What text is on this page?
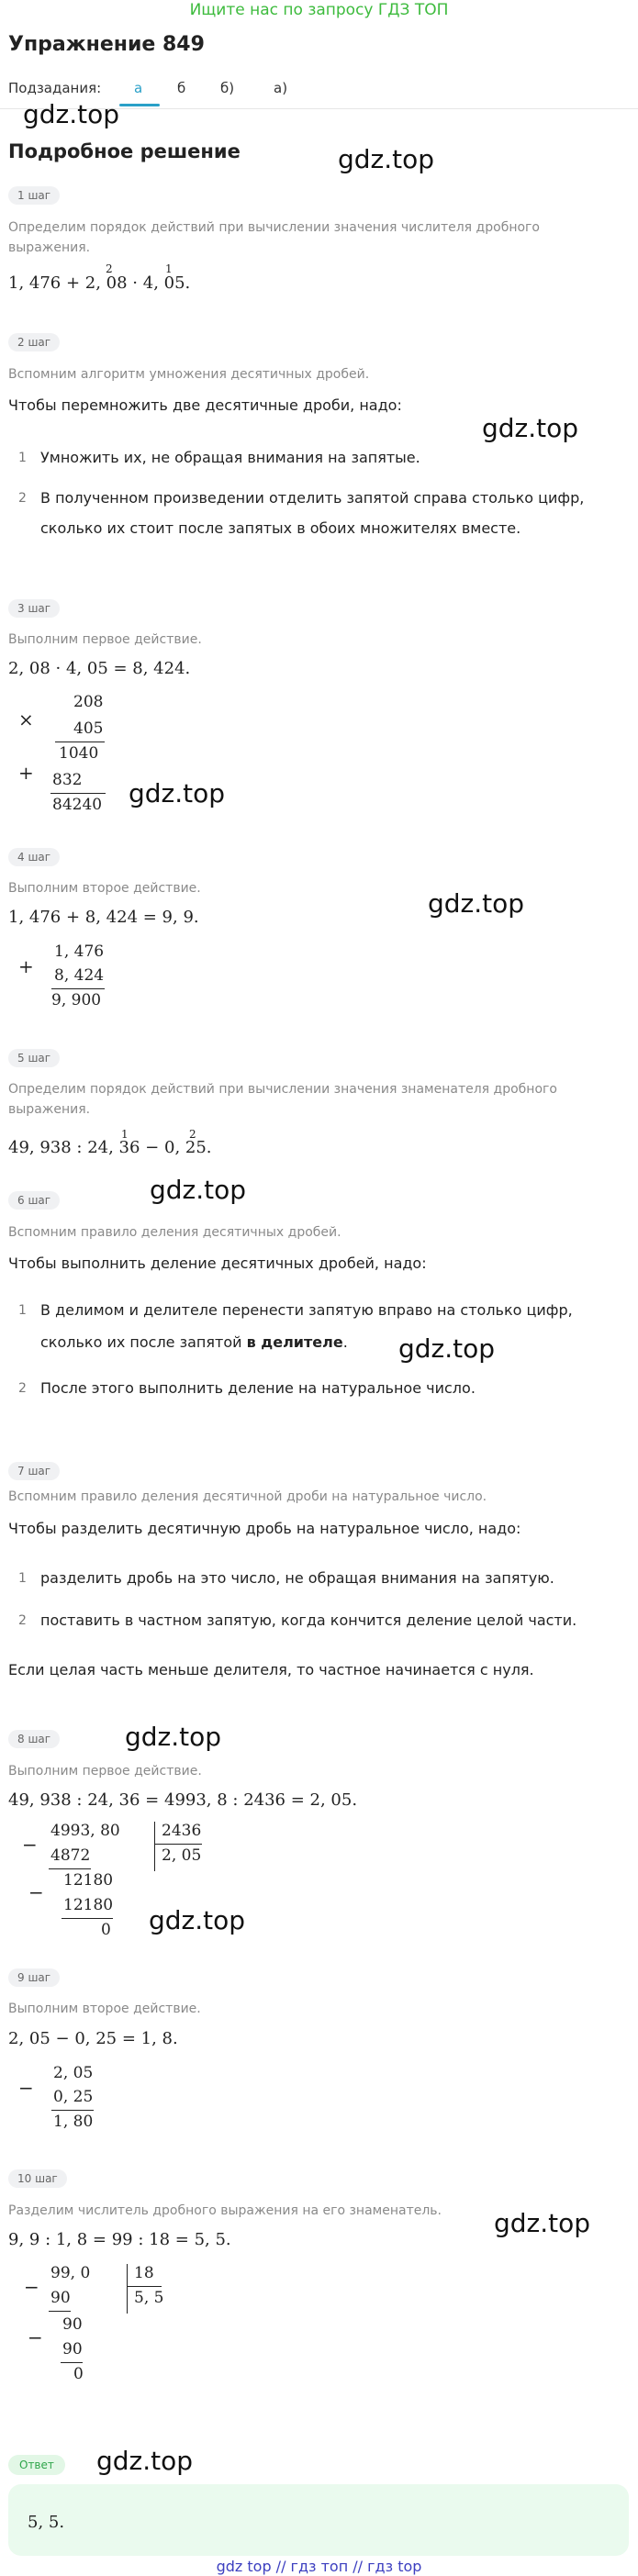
Ищите нас по запросу ГДЗ ТОП
Упражнение 849
Подзадания: а	б	б)	а)
Подробное решение
gdz.top
gdz.top
gdz.top
gdz.top
gdz.top
gdz.top
gdz.top
gdz.top
gdz.top
gdz.top
gdz.top
1 шаг
Определим порядок действий при вычислении значения числителя дробного выражения.
2	1
1, 476 + 2, 08 · 4, 05.
2 шаг
Вспомним алгоритм умножения десятичных дробей.
Чтобы перемножить две десятичные дроби, надо:
1 Умножить их, не обращая внимания на запятые.
2 В полученном произведении отделить запятой справа столько цифр,
сколько их стоит после запятых в обоих множителях вместе.
3 шаг
Выполним первое действие.
2, 08 · 4, 05 = 8, 424.
×
208
405
1040
+ 832
84240
4 шаг
Выполним второе действие.
1, 476 + 8, 424 = 9, 9.
1, 476
+ 8, 424
9, 900
5 шаг
Определим порядок действий при вычислении значения знаменателя дробного выражения.
1	2
49, 938 : 24, 36 − 0, 25.
6 шаг
Вспомним правило деления десятичных дробей.
Чтобы выполнить деление десятичных дробей, надо:
1 В делимом и делителе перенести запятую вправо на столько цифр,
сколько их после запятой в делителе.
2 После этого выполнить деление на натуральное число.
7 шаг
Вспомним правило деления десятичной дроби на натуральное число.
Чтобы разделить десятичную дробь на натуральное число, надо:
1 разделить дробь на это число, не обращая внимания на запятую.
2 поставить в частном запятую, когда кончится деление целой части.
Если целая часть меньше делителя, то частное начинается с нуля.
8 шаг
Выполним первое действие.
49, 938 : 24, 36 = 4993, 8 : 2436 = 2, 05.
−
4993, 80
4872
−
12180
12180
0
2436
2, 05
9 шаг
Выполним второе действие.
2, 05 − 0, 25 = 1, 8.
2, 05
− 0, 25
1, 80
10 шаг
Разделим числитель дробного выражения на его знаменатель.
9, 9 : 1, 8 = 99 : 18 = 5, 5.
−
99, 0
90
−
90
90
0
18
5, 5
Ответ
5, 5.
gdz top // гдз топ // гдз top
